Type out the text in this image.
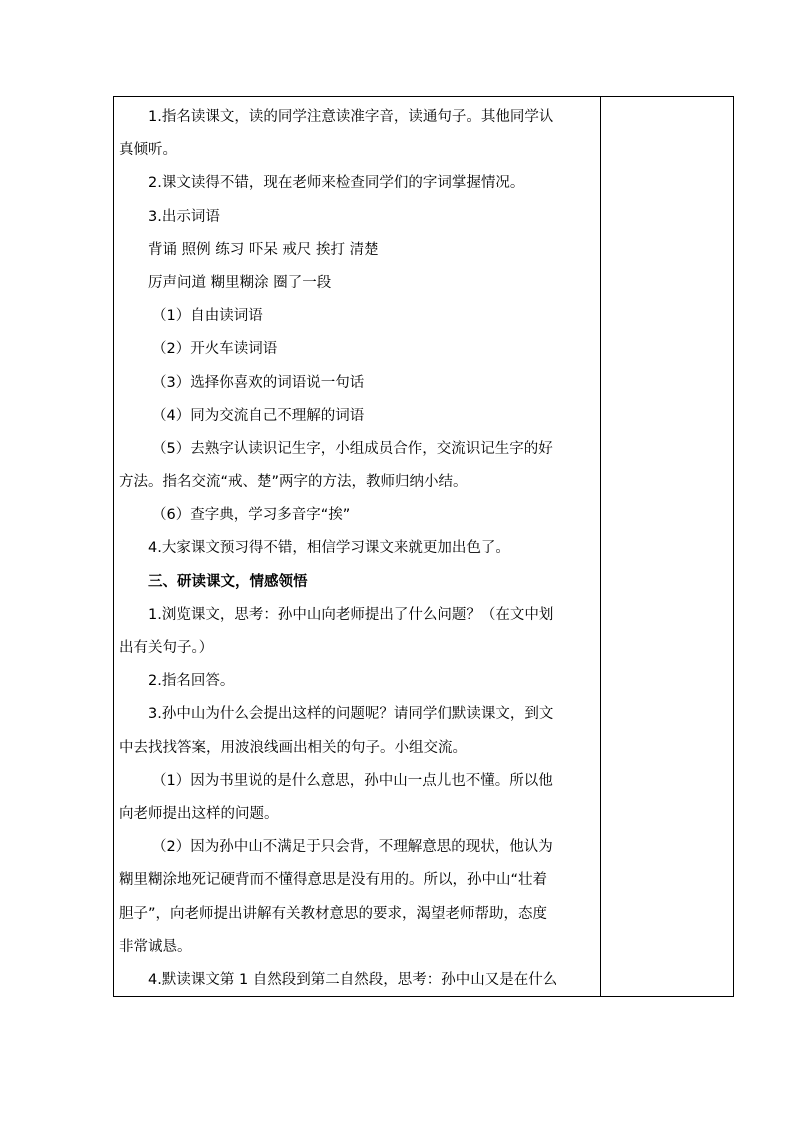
1.指名读课文，读的同学注意读准字音，读通句子。其他同学认
真倾听。
2.课文读得不错，现在老师来检查同学们的字词掌握情况。
3.出示词语
背诵 照例 练习 吓呆 戒尺 挨打 清楚
厉声问道 糊里糊涂 圈了一段
（1）自由读词语
（2）开火车读词语
（3）选择你喜欢的词语说一句话
（4）同为交流自己不理解的词语
（5）去熟字认读识记生字，小组成员合作，交流识记生字的好
方法。指名交流“戒、楚”两字的方法，教师归纳小结。
（6）查字典，学习多音字“挨”
4.大家课文预习得不错，相信学习课文来就更加出色了。
三、研读课文，情感领悟
1.浏览课文，思考：孙中山向老师提出了什么问题？（在文中划
出有关句子。）
2.指名回答。
3.孙中山为什么会提出这样的问题呢？请同学们默读课文，到文
中去找找答案，用波浪线画出相关的句子。小组交流。
（1）因为书里说的是什么意思，孙中山一点儿也不懂。所以他
向老师提出这样的问题。
（2）因为孙中山不满足于只会背，不理解意思的现状，他认为
糊里糊涂地死记硬背而不懂得意思是没有用的。所以，孙中山“壮着
胆子”，向老师提出讲解有关教材意思的要求，渴望老师帮助，态度
非常诚恳。
4.默读课文第 1 自然段到第二自然段，思考：孙中山又是在什么
